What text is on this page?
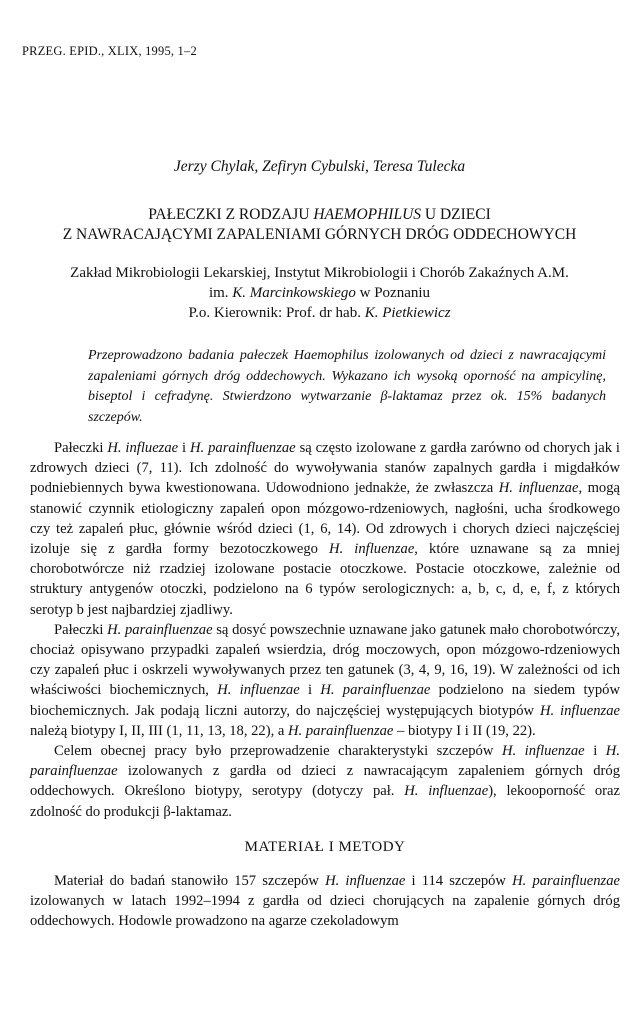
PRZEG. EPID., XLIX, 1995, 1–2
Jerzy Chylak, Zefiryn Cybulski, Teresa Tulecka
PAŁECZKI Z RODZAJU HAEMOPHILUS U DZIECI
Z NAWRACAJĄCYMI ZAPALENIAMI GÓRNYCH DRÓG ODDECHOWYCH
Zakład Mikrobiologii Lekarskiej, Instytut Mikrobiologii i Chorób Zakaźnych A.M.
im. K. Marcinkowskiego w Poznaniu
P.o. Kierownik: Prof. dr hab. K. Pietkiewicz

Przeprowadzono badania pałeczek Haemophilus izolowanych od dzieci z nawracającymi zapaleniami górnych dróg oddechowych. Wykazano ich wysoką oporność na ampicylinę, biseptol i cefradynę. Stwierdzono wytwarzanie β-laktamaz przez ok. 15% badanych szczepów.

Pałeczki H. influezae i H. parainfluenzae są często izolowane z gardła zarówno od chorych jak i zdrowych dzieci (7, 11). Ich zdolność do wywoływania stanów zapalnych gardła i migdałków podniebiennych bywa kwestionowana. Udowodniono jednakże, że zwłaszcza H. influenzae, mogą stanowić czynnik etiologiczny zapaleń opon mózgowo-rdzeniowych, nagłośni, ucha środkowego czy też zapaleń płuc, głównie wśród dzieci (1, 6, 14). Od zdrowych i chorych dzieci najczęściej izoluje się z gardła formy bezotoczkowego H. influenzae, które uznawane są za mniej chorobotwórcze niż rzadziej izolowane postacie otoczkowe. Postacie otoczkowe, zależnie od struktury antygenów otoczki, podzielono na 6 typów serologicznych: a, b, c, d, e, f, z których serotyp b jest najbardziej zjadliwy.

Pałeczki H. parainfluenzae są dosyć powszechnie uznawane jako gatunek mało chorobotwórczy, chociaż opisywano przypadki zapaleń wsierdzia, dróg moczowych, opon mózgowo-rdzeniowych czy zapaleń płuc i oskrzeli wywoływanych przez ten gatunek (3, 4, 9, 16, 19). W zależności od ich właściwości biochemicznych, H. influenzae i H. parainfluenzae podzielono na siedem typów biochemicznych. Jak podają liczni autorzy, do najczęściej występujących biotypów H. influenzae należą biotypy I, II, III (1, 11, 13, 18, 22), a H. parainfluenzae – biotypy I i II (19, 22).

Celem obecnej pracy było przeprowadzenie charakterystyki szczepów H. influenzae i H. parainfluenzae izolowanych z gardła od dzieci z nawracającym zapaleniem górnych dróg oddechowych. Określono biotypy, serotypy (dotyczy pał. H. influenzae), lekooporność oraz zdolność do produkcji β-laktamaz.

MATERIAŁ I METODY

Materiał do badań stanowiło 157 szczepów H. influenzae i 114 szczepów H. parainfluenzae izolowanych w latach 1992–1994 z gardła od dzieci chorujących na zapalenie górnych dróg oddechowych. Hodowle prowadzono na agarze czekoladowym
